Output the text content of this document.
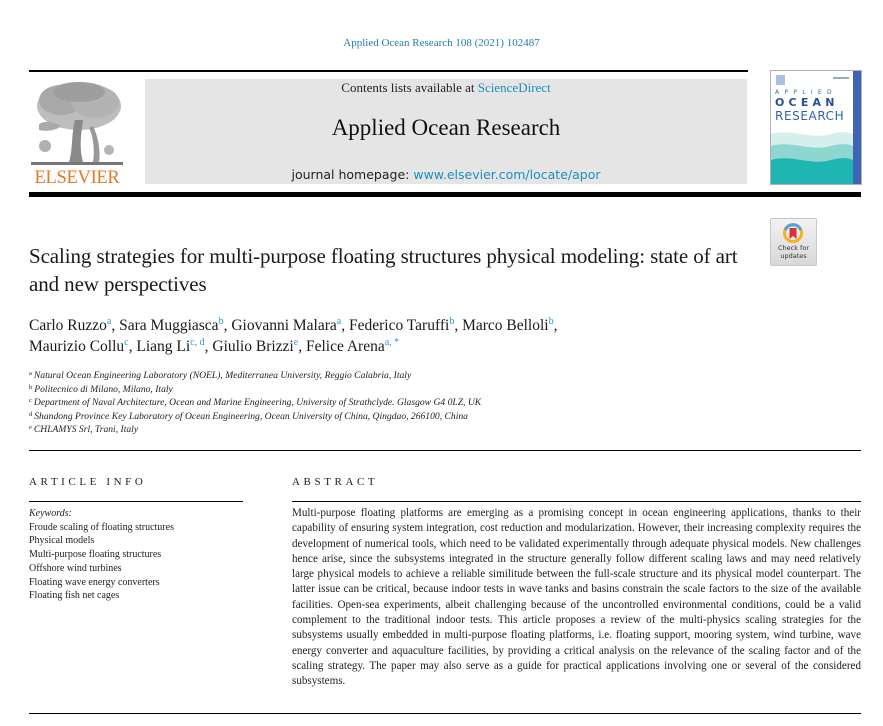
Applied Ocean Research 108 (2021) 102487
ELSEVIER
Contents lists available at ScienceDirect
Applied Ocean Research
journal homepage: www.elsevier.com/locate/apor
APPLIED
OCEAN
RESEARCH
Check for
updates
Scaling strategies for multi-purpose floating structures physical modeling: state of art and new perspectives
Carlo Ruzzo$^a$, Sara Muggiasca$^b$, Giovanni Malara$^a$, Federico Taruffi$^b$, Marco Belloli$^b$,
Maurizio Collu$^c$, Liang Li$^{c, d}$, Giulio Brizzi$^e$, Felice Arena$^{a, *}$
$^a$ Natural Ocean Engineering Laboratory (NOEL), Mediterranea University, Reggio Calabria, Italy
$^b$ Politecnico di Milano, Milano, Italy
$^c$ Department of Naval Architecture, Ocean and Marine Engineering, University of Strathclyde. Glasgow G4 0LZ, UK
$^d$ Shandong Province Key Laboratory of Ocean Engineering, Ocean University of China, Qingdao, 266100, China
$^e$ CHLAMYS Srl, Trani, Italy
ARTICLE INFO
Keywords:
Froude scaling of floating structures
Physical models
Multi-purpose floating structures
Offshore wind turbines
Floating wave energy converters
Floating fish net cages
ABSTRACT
Multi-purpose floating platforms are emerging as a promising concept in ocean engineering applications, thanks to their capability of ensuring system integration, cost reduction and modularization. However, their increasing complexity requires the development of numerical tools, which need to be validated experimentally through adequate physical models. New challenges hence arise, since the subsystems integrated in the structure generally follow different scaling laws and may need relatively large physical models to achieve a reliable similitude between the full-scale structure and its physical model counterpart. The latter issue can be critical, because indoor tests in wave tanks and basins constrain the scale factors to the size of the available facilities. Open-sea experiments, albeit challenging because of the uncontrolled environmental conditions, could be a valid complement to the traditional indoor tests. This article proposes a review of the multi-physics scaling strategies for the subsystems usually embedded in multi-purpose floating platforms, i.e. floating support, mooring system, wind turbine, wave energy converter and aquaculture facilities, by providing a critical analysis on the relevance of the scaling factor and of the scaling strategy. The paper may also serve as a guide for practical applications involving one or several of the considered subsystems.
